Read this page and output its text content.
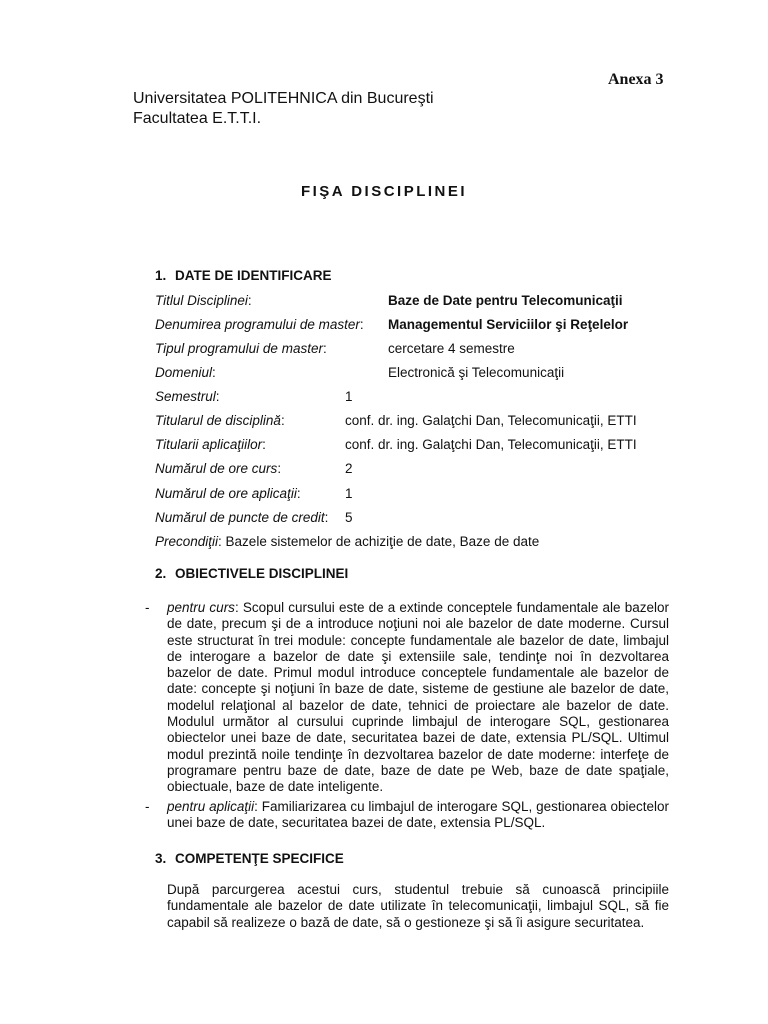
Anexa 3
Universitatea POLITEHNICA din Bucureşti
Facultatea E.T.T.I.
FIŞA DISCIPLINEI
1. DATE DE IDENTIFICARE
Titlul Disciplinei:	Baze de Date pentru Telecomunicaţii
Denumirea programului de master: Managementul Serviciilor şi Reţelelor
Tipul programului de master:	cercetare 4 semestre
Domeniul:	Electronică şi Telecomunicaţii
Semestrul:	1
Titularul de disciplină:	conf. dr. ing. Galaţchi Dan, Telecomunicaţii, ETTI
Titularii aplicaţiilor:	conf. dr. ing. Galaţchi Dan, Telecomunicaţii, ETTI
Numărul de ore curs:	2
Numărul de ore aplicaţii:	1
Numărul de puncte de credit: 5
Precondiţii: Bazele sistemelor de achiziţie de date, Baze de date
2. OBIECTIVELE DISCIPLINEI
- pentru curs: Scopul cursului este de a extinde conceptele fundamentale ale bazelor de date, precum şi de a introduce noţiuni noi ale bazelor de date moderne. Cursul este structurat în trei module: concepte fundamentale ale bazelor de date, limbajul de interogare a bazelor de date şi extensiile sale, tendinţe noi în dezvoltarea bazelor de date. Primul modul introduce conceptele fundamentale ale bazelor de date: concepte şi noţiuni în baze de date, sisteme de gestiune ale bazelor de date, modelul relaţional al bazelor de date, tehnici de proiectare ale bazelor de date. Modulul următor al cursului cuprinde limbajul de interogare SQL, gestionarea obiectelor unei baze de date, securitatea bazei de date, extensia PL/SQL. Ultimul modul prezintă noile tendinţe în dezvoltarea bazelor de date moderne: interfeţe de programare pentru baze de date, baze de date pe Web, baze de date spaţiale, obiectuale, baze de date inteligente.
- pentru aplicaţii: Familiarizarea cu limbajul de interogare SQL, gestionarea obiectelor unei baze de date, securitatea bazei de date, extensia PL/SQL.
3. COMPETENŢE SPECIFICE
După parcurgerea acestui curs, studentul trebuie să cunoască principiile fundamentale ale bazelor de date utilizate în telecomunicaţii, limbajul SQL, să fie capabil să realizeze o bază de date, să o gestioneze şi să îi asigure securitatea.
